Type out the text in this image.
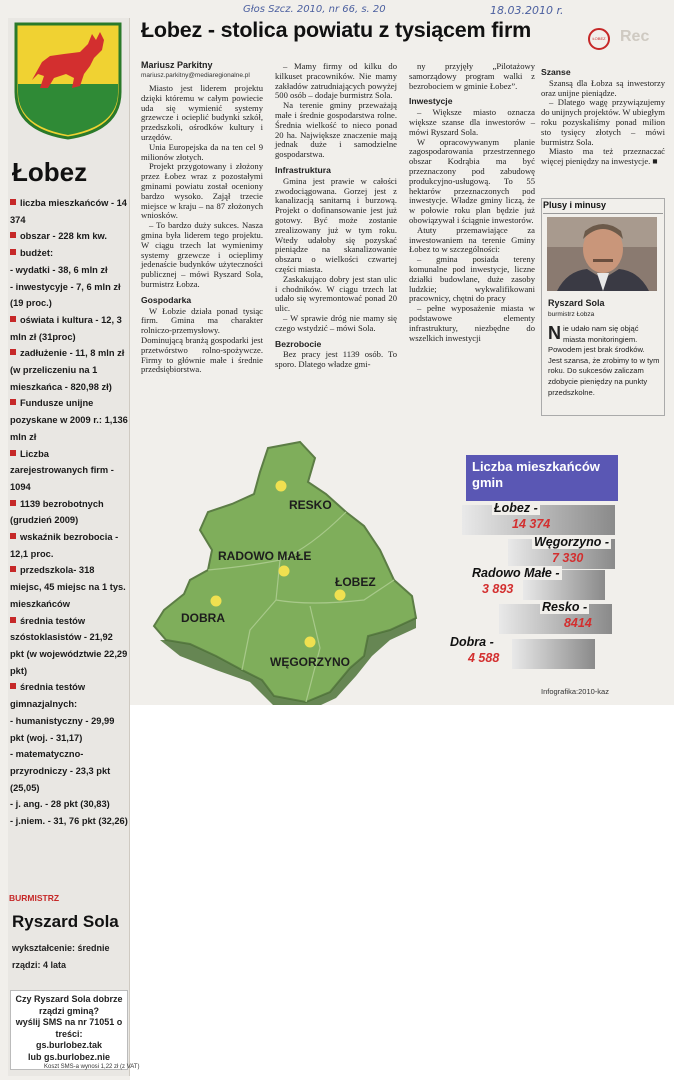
Łobez
liczba mieszkańców - 14 374
obszar - 228 km kw.
budżet:
- wydatki - 38, 6 mln zł
- inwestycyje - 7, 6 mln zł (19 proc.)
oświata i kultura - 12, 3 mln zł (31proc)
zadłużenie - 11, 8 mln zł (w przeliczeniu na 1 mieszkańca - 820,98 zł)
Fundusze unijne pozyskane w 2009 r.: 1,136 mln zł
Liczba zarejestrowanych firm - 1094
1139 bezrobotnych (grudzień 2009)
wskaźnik bezrobocia - 12,1 proc.
przedszkola- 318 miejsc, 45 miejsc na 1 tys. mieszkańców
średnia testów szóstoklasistów - 21,92 pkt (w województwie 22,29 pkt)
średnia testów gimnazjalnych:
- humanistyczny - 29,99 pkt (woj. - 31,17)
- matematyczno-przyrodniczy - 23,3 pkt (25,05)
- j. ang. - 28 pkt (30,83)
- j.niem. - 31, 76 pkt (32,26)
BURMISTRZ
Ryszard Sola
wykształcenie: średnie
rządzi: 4 lata
Czy Ryszard Sola dobrze rządzi gminą?
wyślij SMS na nr 71051 o treści:
gs.burlobez.tak
lub gs.burlobez.nie
Koszt SMS-a wynosi 1,22 zł (z VAT)
Głos Szcz. 2010, nr 66, s. 20	18.03.2010 r.
Łobez - stolica powiatu z tysiącem firm	ŁOBEZ Rec
Mariusz Parkitny
mariusz.parkitny@mediaregionalne.pl

Miasto jest liderem projektu dzięki któremu w całym powiecie uda się wymienić systemy grzewcze i ocieplić budynki szkół, przedszkoli, ośrodków kultury i urzędów.

Unia Europejska da na ten cel 9 milionów złotych.

Projekt przygotowany i złożony przez Łobez wraz z pozostałymi gminami powiatu został oceniony bardzo wysoko. Zajął trzecie miejsce w kraju – na 87 złożonych wniosków.

– To bardzo duży sukces. Nasza gmina była liderem tego projektu. W ciągu trzech lat wymienimy systemy grzewcze i ocieplimy jedenaście budynków użyteczności publicznej – mówi Ryszard Sola, burmistrz Łobza.

Gospodarka

W Łobzie działa ponad tysiąc firm. Gmina ma charakter rolniczo-przemysłowy. Dominującą branżą gospodarki jest przetwórstwo rolno-spożywcze. Firmy to głównie małe i średnie przedsiębiorstwa.

– Mamy firmy od kilku do kilkuset pracowników. Nie mamy zakładów zatrudniających powyżej 500 osób – dodaje burmistrz Sola.

Na terenie gminy przeważają małe i średnie gospodarstwa rolne. Średnia wielkość to nieco ponad 20 ha. Największe znaczenie mają jednak duże i samodzielne gospodarstwa.

Infrastruktura

Gmina jest prawie w całości zwodociągowana. Gorzej jest z kanalizacją sanitarną i burzową. Projekt o dofinansowanie jest już gotowy. Być może zostanie zrealizowany już w tym roku. Wtedy udałoby się pozyskać pieniądze na skanalizowanie obszaru o wielkości czwartej części miasta.

Zaskakująco dobry jest stan ulic i chodników. W ciągu trzech lat udało się wyremontować ponad 20 ulic.

– W sprawie dróg nie mamy się czego wstydzić – mówi Sola.

Bezrobocie

Bez pracy jest 1139 osób. To sporo. Dlatego władze gmi-

ny przyjęły „Pilotażowy samorządowy program walki z bezrobociem w gminie Łobez”.

Inwestycje

– Większe miasto oznacza większe szanse dla inwestorów – mówi Ryszard Sola.

W opracowywanym planie zagospodarowania przestrzennego obszar Kodrąbia ma być przeznaczony pod zabudowę produkcyjno-usługową. To 55 hektarów przeznaczonych pod inwestycje. Władze gminy liczą, że w połowie roku plan będzie już obowiązywał i ściągnie inwestorów.

Atuty przemawiające za inwestowaniem na terenie Gminy Łobez to w szczególności:

– gmina posiada tereny komunalne pod inwestycje, liczne działki budowlane, duże zasoby ludzkie; wykwalifikowani pracownicy, chętni do pracy

– pełne wyposażenie miasta w podstawowe elementy infrastruktury, niezbędne do wszelkich inwestycji

Szanse

Szansą dla Łobza są inwestorzy oraz unijne pieniądze.

– Dlatego wagę przywiązujemy do unijnych projektów. W ubiegłym roku pozyskaliśmy ponad milion sto tysięcy złotych – mówi burmistrz Sola.

Miasto ma też przeznaczać więcej pieniędzy na inwestycje. ■

Plusy i minusy
Ryszard Sola
burmistrz Łobza
Nie udało nam się objąć miasta monitoringiem. Powodem jest brak środków. Jest szansa, że zrobimy to w tym roku. Do sukcesów zaliczam zdobycie pieniędzy na punkty przedszkolne.
RESKO
RADOWO MAŁE
ŁOBEZ
DOBRA
WĘGORZYNO
Liczba mieszkańców gmin
Łobez -
14 374
Węgorzyno -
7 330
Radowo Małe -
3 893
Resko -
8414
Dobra -
4 588
Infografika:2010-kaz
